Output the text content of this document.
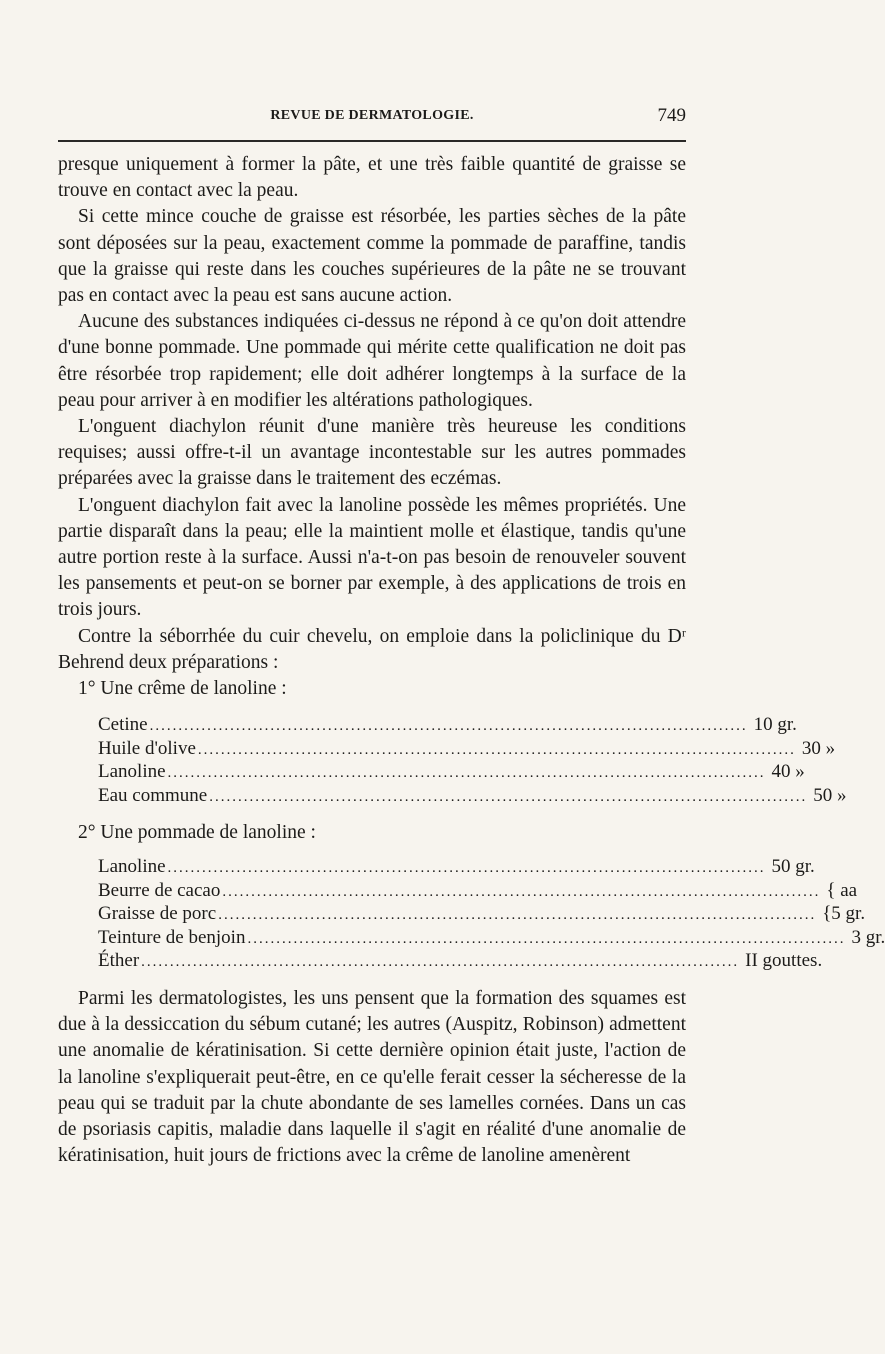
REVUE DE DERMATOLOGIE.	749

presque uniquement à former la pâte, et une très faible quantité de graisse se trouve en contact avec la peau.

Si cette mince couche de graisse est résorbée, les parties sèches de la pâte sont déposées sur la peau, exactement comme la pommade de paraffine, tandis que la graisse qui reste dans les couches supérieures de la pâte ne se trouvant pas en contact avec la peau est sans aucune action.

Aucune des substances indiquées ci-dessus ne répond à ce qu'on doit attendre d'une bonne pommade. Une pommade qui mérite cette qualification ne doit pas être résorbée trop rapidement; elle doit adhérer longtemps à la surface de la peau pour arriver à en modifier les altérations pathologiques.

L'onguent diachylon réunit d'une manière très heureuse les conditions requises; aussi offre-t-il un avantage incontestable sur les autres pommades préparées avec la graisse dans le traitement des eczémas.

L'onguent diachylon fait avec la lanoline possède les mêmes propriétés. Une partie disparaît dans la peau; elle la maintient molle et élastique, tandis qu'une autre portion reste à la surface. Aussi n'a-t-on pas besoin de renouveler souvent les pansements et peut-on se borner par exemple, à des applications de trois en trois jours.

Contre la séborrhée du cuir chevelu, on emploie dans la policlinique du Dʳ Behrend deux préparations :

1° Une crême de lanoline :

Cetine ........................................................................................................ 10 gr.
Huile d'olive ........................................................................................................ 30 »
Lanoline ........................................................................................................ 40 »
Eau commune ........................................................................................................ 50 »

2° Une pommade de lanoline :

Lanoline ........................................................................................................ 50 gr.
Beurre de cacao ........................................................................................................ { aa
Graisse de porc ........................................................................................................ {5 gr.
Teinture de benjoin ........................................................................................................ 3 gr.
Éther ........................................................................................................ II gouttes.

Parmi les dermatologistes, les uns pensent que la formation des squames est due à la dessiccation du sébum cutané; les autres (Auspitz, Robinson) admettent une anomalie de kératinisation. Si cette dernière opinion était juste, l'action de la lanoline s'expliquerait peut-être, en ce qu'elle ferait cesser la sécheresse de la peau qui se traduit par la chute abondante de ses lamelles cornées. Dans un cas de psoriasis capitis, maladie dans laquelle il s'agit en réalité d'une anomalie de kératinisation, huit jours de frictions avec la crême de lanoline amenèrent
